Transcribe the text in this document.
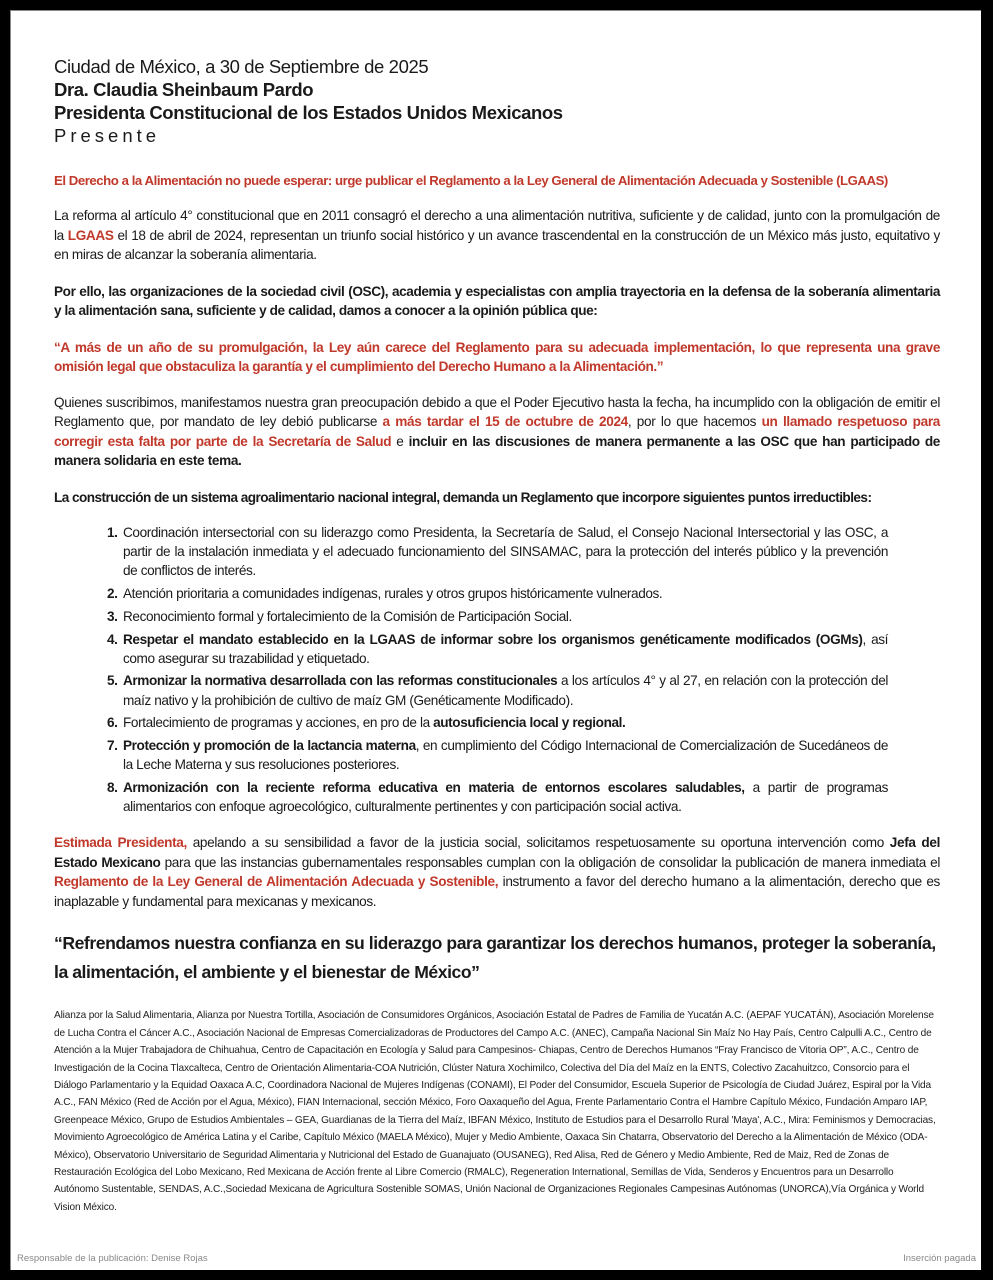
Ciudad de México, a 30 de Septiembre de 2025
Dra. Claudia Sheinbaum Pardo
Presidenta Constitucional de los Estados Unidos Mexicanos
Presente
El Derecho a la Alimentación no puede esperar: urge publicar el Reglamento a la Ley General de Alimentación Adecuada y Sostenible (LGAAS)

La reforma al artículo 4° constitucional que en 2011 consagró el derecho a una alimentación nutritiva, suficiente y de calidad, junto con la promulgación de la LGAAS el 18 de abril de 2024, representan un triunfo social histórico y un avance trascendental en la construcción de un México más justo, equitativo y en miras de alcanzar la soberanía alimentaria.

Por ello, las organizaciones de la sociedad civil (OSC), academia y especialistas con amplia trayectoria en la defensa de la soberanía alimentaria y la alimentación sana, suficiente y de calidad, damos a conocer a la opinión pública que:

“A más de un año de su promulgación, la Ley aún carece del Reglamento para su adecuada implementación, lo que representa una grave omisión legal que obstaculiza la garantía y el cumplimiento del Derecho Humano a la Alimentación.”

Quienes suscribimos, manifestamos nuestra gran preocupación debido a que el Poder Ejecutivo hasta la fecha, ha incumplido con la obligación de emitir el Reglamento que, por mandato de ley debió publicarse a más tardar el 15 de octubre de 2024, por lo que hacemos un llamado respetuoso para corregir esta falta por parte de la Secretaría de Salud e incluir en las discusiones de manera permanente a las OSC que han participado de manera solidaria en este tema.

La construcción de un sistema agroalimentario nacional integral, demanda un Reglamento que incorpore siguientes puntos irreductibles:

1. Coordinación intersectorial con su liderazgo como Presidenta, la Secretaría de Salud, el Consejo Nacional Intersectorial y las OSC, a partir de la instalación inmediata y el adecuado funcionamiento del SINSAMAC, para la protección del interés público y la prevención de conflictos de interés.
2. Atención prioritaria a comunidades indígenas, rurales y otros grupos históricamente vulnerados.
3. Reconocimiento formal y fortalecimiento de la Comisión de Participación Social.
4. Respetar el mandato establecido en la LGAAS de informar sobre los organismos genéticamente modificados (OGMs), así como asegurar su trazabilidad y etiquetado.
5. Armonizar la normativa desarrollada con las reformas constitucionales a los artículos 4° y al 27, en relación con la protección del maíz nativo y la prohibición de cultivo de maíz GM (Genéticamente Modificado).
6. Fortalecimiento de programas y acciones, en pro de la autosuficiencia local y regional.
7. Protección y promoción de la lactancia materna, en cumplimiento del Código Internacional de Comercialización de Sucedáneos de la Leche Materna y sus resoluciones posteriores.
8. Armonización con la reciente reforma educativa en materia de entornos escolares saludables, a partir de programas alimentarios con enfoque agroecológico, culturalmente pertinentes y con participación social activa.

Estimada Presidenta, apelando a su sensibilidad a favor de la justicia social, solicitamos respetuosamente su oportuna intervención como Jefa del Estado Mexicano para que las instancias gubernamentales responsables cumplan con la obligación de consolidar la publicación de manera inmediata el Reglamento de la Ley General de Alimentación Adecuada y Sostenible, instrumento a favor del derecho humano a la alimentación, derecho que es inaplazable y fundamental para mexicanas y mexicanos.

“Refrendamos nuestra confianza en su liderazgo para garantizar los derechos humanos, proteger la soberanía, la alimentación, el ambiente y el bienestar de México”
Alianza por la Salud Alimentaria, Alianza por Nuestra Tortilla, Asociación de Consumidores Orgánicos, Asociación Estatal de Padres de Familia de Yucatán A.C. (AEPAF YUCATÁN), Asociación Morelense de Lucha Contra el Cáncer A.C., Asociación Nacional de Empresas Comercializadoras de Productores del Campo A.C. (ANEC), Campaña Nacional Sin Maíz No Hay País, Centro Calpulli A.C., Centro de Atención a la Mujer Trabajadora de Chihuahua, Centro de Capacitación en Ecología y Salud para Campesinos- Chiapas, Centro de Derechos Humanos “Fray Francisco de Vitoria OP”, A.C., Centro de Investigación de la Cocina Tlaxcalteca, Centro de Orientación Alimentaria-COA Nutrición, Clúster Natura Xochimilco, Colectiva del Día del Maíz en la ENTS, Colectivo Zacahuitzco, Consorcio para el Diálogo Parlamentario y la Equidad Oaxaca A.C, Coordinadora Nacional de Mujeres Indígenas (CONAMI), El Poder del Consumidor, Escuela Superior de Psicología de Ciudad Juárez, Espiral por la Vida A.C., FAN México (Red de Acción por el Agua, México), FIAN Internacional, sección México, Foro Oaxaqueño del Agua, Frente Parlamentario Contra el Hambre Capítulo México, Fundación Amparo IAP, Greenpeace México, Grupo de Estudios Ambientales – GEA, Guardianas de la Tierra del Maíz, IBFAN México, Instituto de Estudios para el Desarrollo Rural 'Maya', A.C., Mira: Feminismos y Democracias, Movimiento Agroecológico de América Latina y el Caribe, Capítulo México (MAELA México), Mujer y Medio Ambiente, Oaxaca Sin Chatarra, Observatorio del Derecho a la Alimentación de México (ODA-México), Observatorio Universitario de Seguridad Alimentaria y Nutricional del Estado de Guanajuato (OUSANEG), Red Alisa, Red de Género y Medio Ambiente, Red de Maiz, Red de Zonas de Restauración Ecológica del Lobo Mexicano, Red Mexicana de Acción frente al Libre Comercio (RMALC), Regeneration International, Semillas de Vida, Senderos y Encuentros para un Desarrollo Autónomo Sustentable, SENDAS, A.C.,Sociedad Mexicana de Agricultura Sostenible SOMAS, Unión Nacional de Organizaciones Regionales Campesinas Autónomas (UNORCA),Vía Orgánica y World Vision México.
Responsable de la publicación: Denise Rojas	Inserción pagada
